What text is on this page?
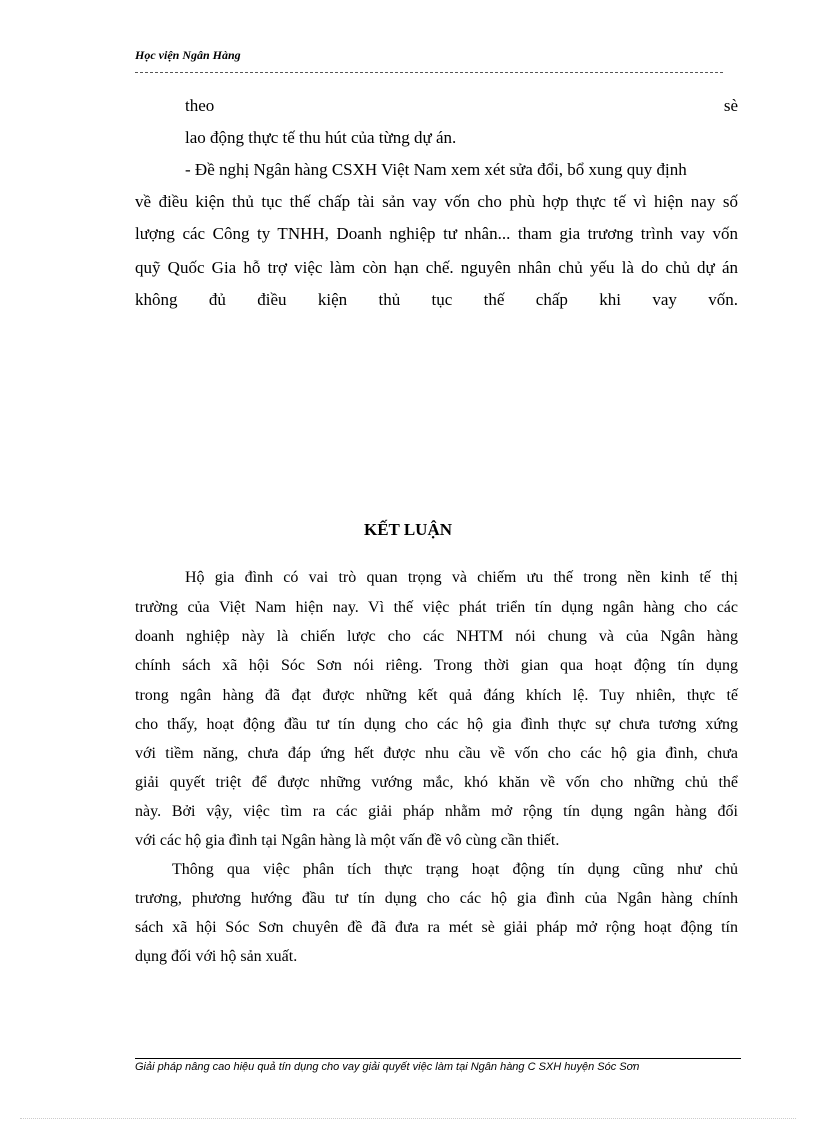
Học viện Ngân Hàng
theo	sè
lao động thực tế thu hút của từng dự án.
- Đề nghị Ngân hàng CSXH Việt Nam xem xét sửa đổi, bổ xung quy định
về điều kiện thủ tục thế chấp tài sản vay vốn cho phù hợp thực tế vì hiện nay số
lượng các Công ty TNHH, Doanh nghiệp tư nhân... tham gia trương trình vay vốn
quỹ Quốc Gia hỗ trợ việc làm còn hạn chế. nguyên nhân chủ yếu là do chủ dự án
không đủ điều kiện thủ tục thế chấp khi vay vốn.
KẾT LUẬN
Hộ gia đình có vai trò quan trọng và chiếm ưu thế trong nền kinh tế thị
trường của Việt Nam hiện nay. Vì thế việc phát triển tín dụng ngân hàng cho các
doanh nghiệp này là chiến lược cho các NHTM nói chung và của Ngân hàng
chính sách xã hội Sóc Sơn nói riêng. Trong thời gian qua hoạt động tín dụng
trong ngân hàng đã đạt được những kết quả đáng khích lệ. Tuy nhiên, thực tế
cho thấy, hoạt động đầu tư tín dụng cho các hộ gia đình thực sự chưa tương xứng
với tiềm năng, chưa đáp ứng hết được nhu cầu về vốn cho các hộ gia đình, chưa
giải quyết triệt để được những vướng mắc, khó khăn về vốn cho những chủ thể
này. Bởi vậy, việc tìm ra các giải pháp nhằm mở rộng tín dụng ngân hàng đối
với các hộ gia đình tại Ngân hàng là một vấn đề vô cùng cần thiết.
Thông qua việc phân tích thực trạng hoạt động tín dụng cũng như chủ
trương, phương hướng đầu tư tín dụng cho các hộ gia đình của Ngân hàng chính
sách xã hội Sóc Sơn chuyên đề đã đưa ra mét sè giải pháp mở rộng hoạt động tín
dụng đối với hộ sản xuất.
Giải pháp nâng cao hiệu quả tín dụng cho vay giải quyết việc làm tại Ngân hàng C SXH huyện Sóc Sơn
